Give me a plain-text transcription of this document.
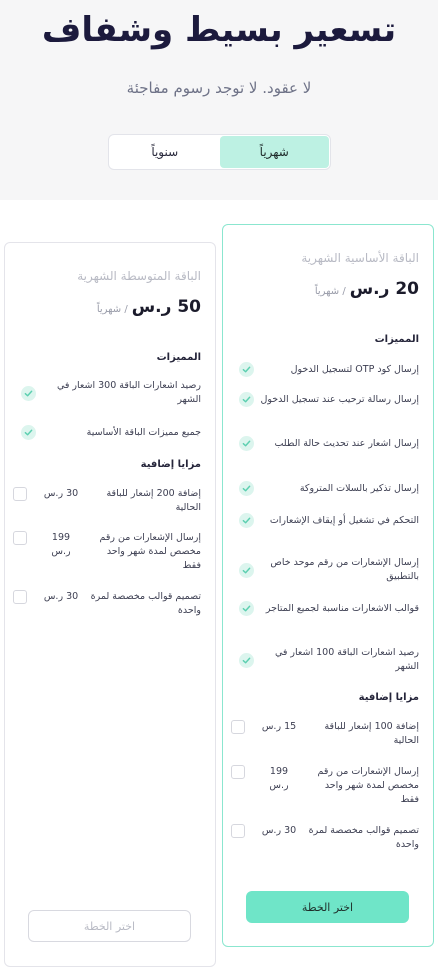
تسعير بسيط وشفاف

لا عقود. لا توجد رسوم مفاجئة

شهرياً
سنوياً
الباقة الأساسية الشهرية
20 ر.س
/ شهرياً
المميزات
إرسال كود OTP لتسجيل الدخول
إرسال رسالة ترحيب عند تسجيل الدخول
إرسال اشعار عند تحديث حالة الطلب
إرسال تذكير بالسلات المتروكة
التحكم في تشغيل أو إيقاف الإشعارات
إرسال الإشعارات من رقم موحد خاص بالتطبيق
قوالب الاشعارات مناسبة لجميع المتاجر
رصيد اشعارات الباقة 100 اشعار في الشهر
مزايا إضافية
إضافة 100 إشعار للباقة الحالية
15 ر.س
إرسال الإشعارات من رقم مخصص لمدة شهر واحد فقط
199 ر.س
تصميم قوالب مخصصة لمرة واحدة
30 ر.س
اختر الخطة
الباقة المتوسطة الشهرية
50 ر.س
/ شهرياً
المميزات
رصيد اشعارات الباقة 300 اشعار في الشهر
جميع مميزات الباقة الأساسية
مزايا إضافية
إضافة 200 إشعار للباقة الحالية
30 ر.س
إرسال الإشعارات من رقم مخصص لمدة شهر واحد فقط
199 ر.س
تصميم قوالب مخصصة لمرة واحدة
30 ر.س
اختر الخطة
